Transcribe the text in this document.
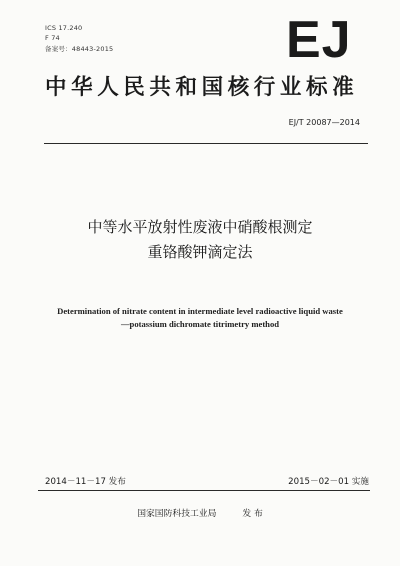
ICS 17.240
F 74
备案号：48443-2015	EJ
中华人民共和国核行业标准
EJ/T 20087—2014
中等水平放射性废液中硝酸根测定
重铬酸钾滴定法
Determination of nitrate content in intermediate level radioactive liquid waste
—potassium dichromate titrimetry method
2014－11－17 发布	2015－02－01 实施
国家国防科技工业局	发 布
